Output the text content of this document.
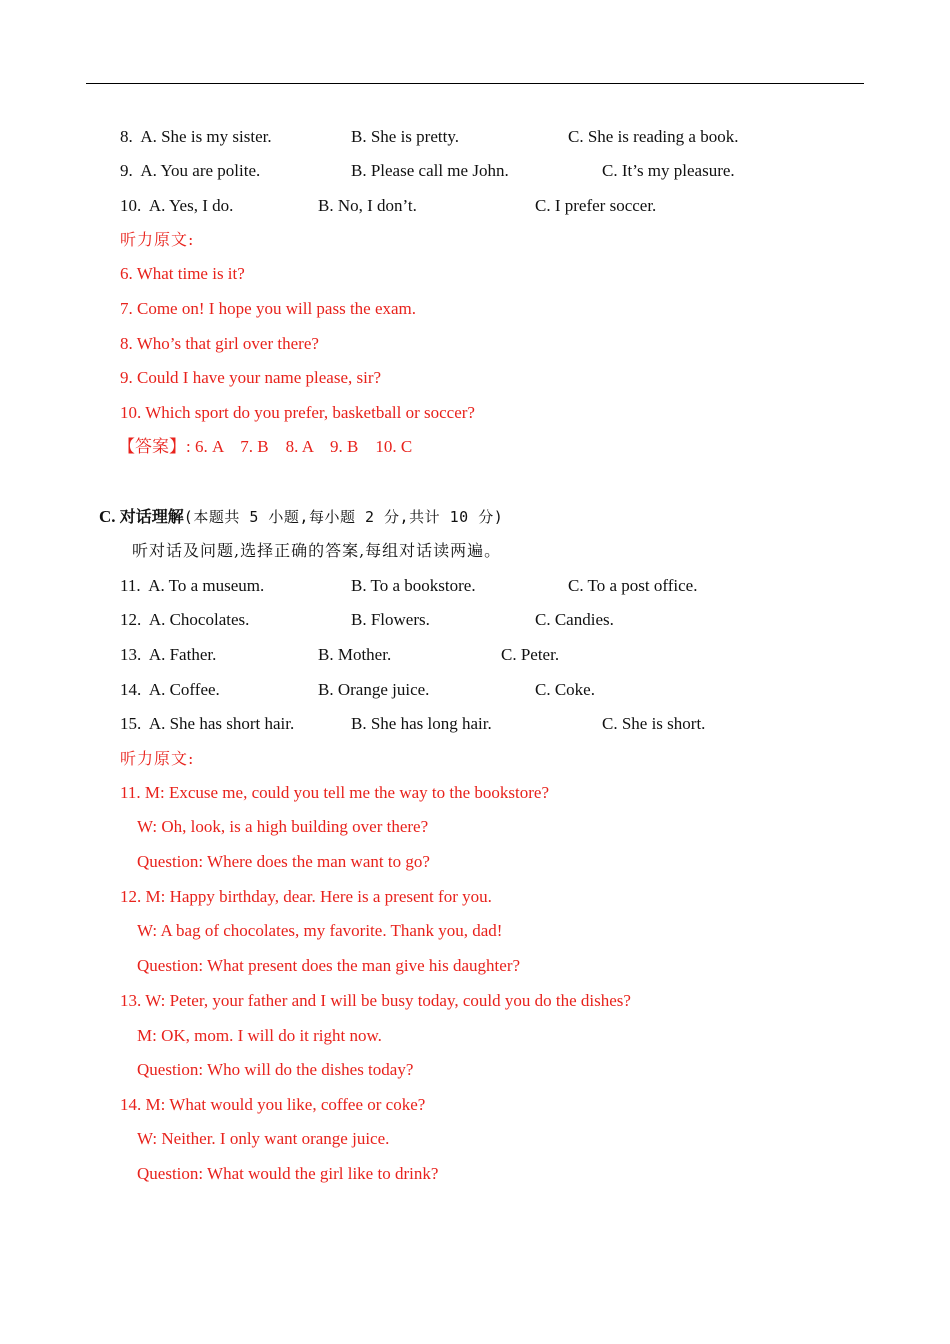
8. A. She is my sister.	B. She is pretty.	C. She is reading a book.
9. A. You are polite.	B. Please call me John.	C. It’s my pleasure.
10. A. Yes, I do.	B. No, I don’t.	C. I prefer soccer.
听力原文:
6. What time is it?
7. Come on! I hope you will pass the exam.
8. Who’s that girl over there?
9. Could I have your name please, sir?
10. Which sport do you prefer, basketball or soccer?
【答案】: 6. A    7. B    8. A    9. B    10. C
C. 对话理解(本题共 5 小题,每小题 2 分,共计 10 分)
听对话及问题,选择正确的答案,每组对话读两遍。
11. A. To a museum.	B. To a bookstore.	C. To a post office.
12. A. Chocolates.	B. Flowers.	C. Candies.
13. A. Father.	B. Mother.	C. Peter.
14. A. Coffee.	B. Orange juice.	C. Coke.
15. A. She has short hair.	B. She has long hair.	C. She is short.
听力原文:
11. M: Excuse me, could you tell me the way to the bookstore?
W: Oh, look, is a high building over there?
Question: Where does the man want to go?
12. M: Happy birthday, dear. Here is a present for you.
W: A bag of chocolates, my favorite. Thank you, dad!
Question: What present does the man give his daughter?
13. W: Peter, your father and I will be busy today, could you do the dishes?
M: OK, mom. I will do it right now.
Question: Who will do the dishes today?
14. M: What would you like, coffee or coke?
W: Neither. I only want orange juice.
Question: What would the girl like to drink?
